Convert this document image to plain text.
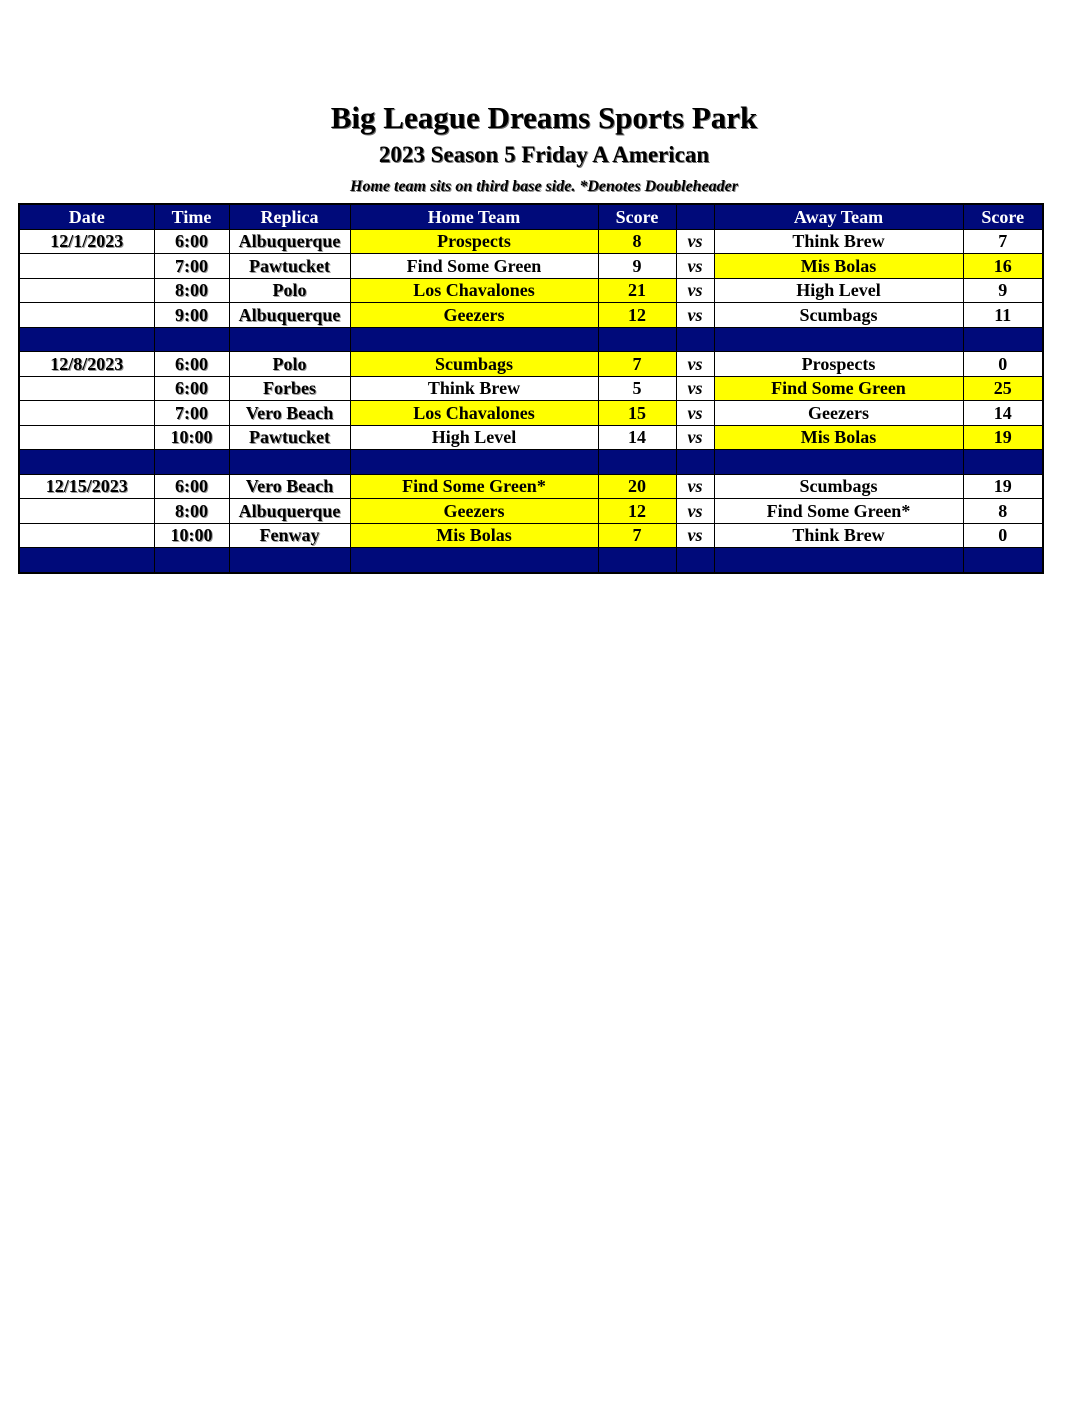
Big League Dreams Sports Park
2023 Season 5 Friday A American
Home team sits on third base side. *Denotes Doubleheader
Date	Time	Replica	Home Team	Score		Away Team	Score
12/1/2023	6:00	Albuquerque	Prospects	8	vs	Think Brew	7
	7:00	Pawtucket	Find Some Green	9	vs	Mis Bolas	16
	8:00	Polo	Los Chavalones	21	vs	High Level	9
	9:00	Albuquerque	Geezers	12	vs	Scumbags	11

12/8/2023	6:00	Polo	Scumbags	7	vs	Prospects	0
	6:00	Forbes	Think Brew	5	vs	Find Some Green	25
	7:00	Vero Beach	Los Chavalones	15	vs	Geezers	14
	10:00	Pawtucket	High Level	14	vs	Mis Bolas	19

12/15/2023	6:00	Vero Beach	Find Some Green*	20	vs	Scumbags	19
	8:00	Albuquerque	Geezers	12	vs	Find Some Green*	8
	10:00	Fenway	Mis Bolas	7	vs	Think Brew	0
